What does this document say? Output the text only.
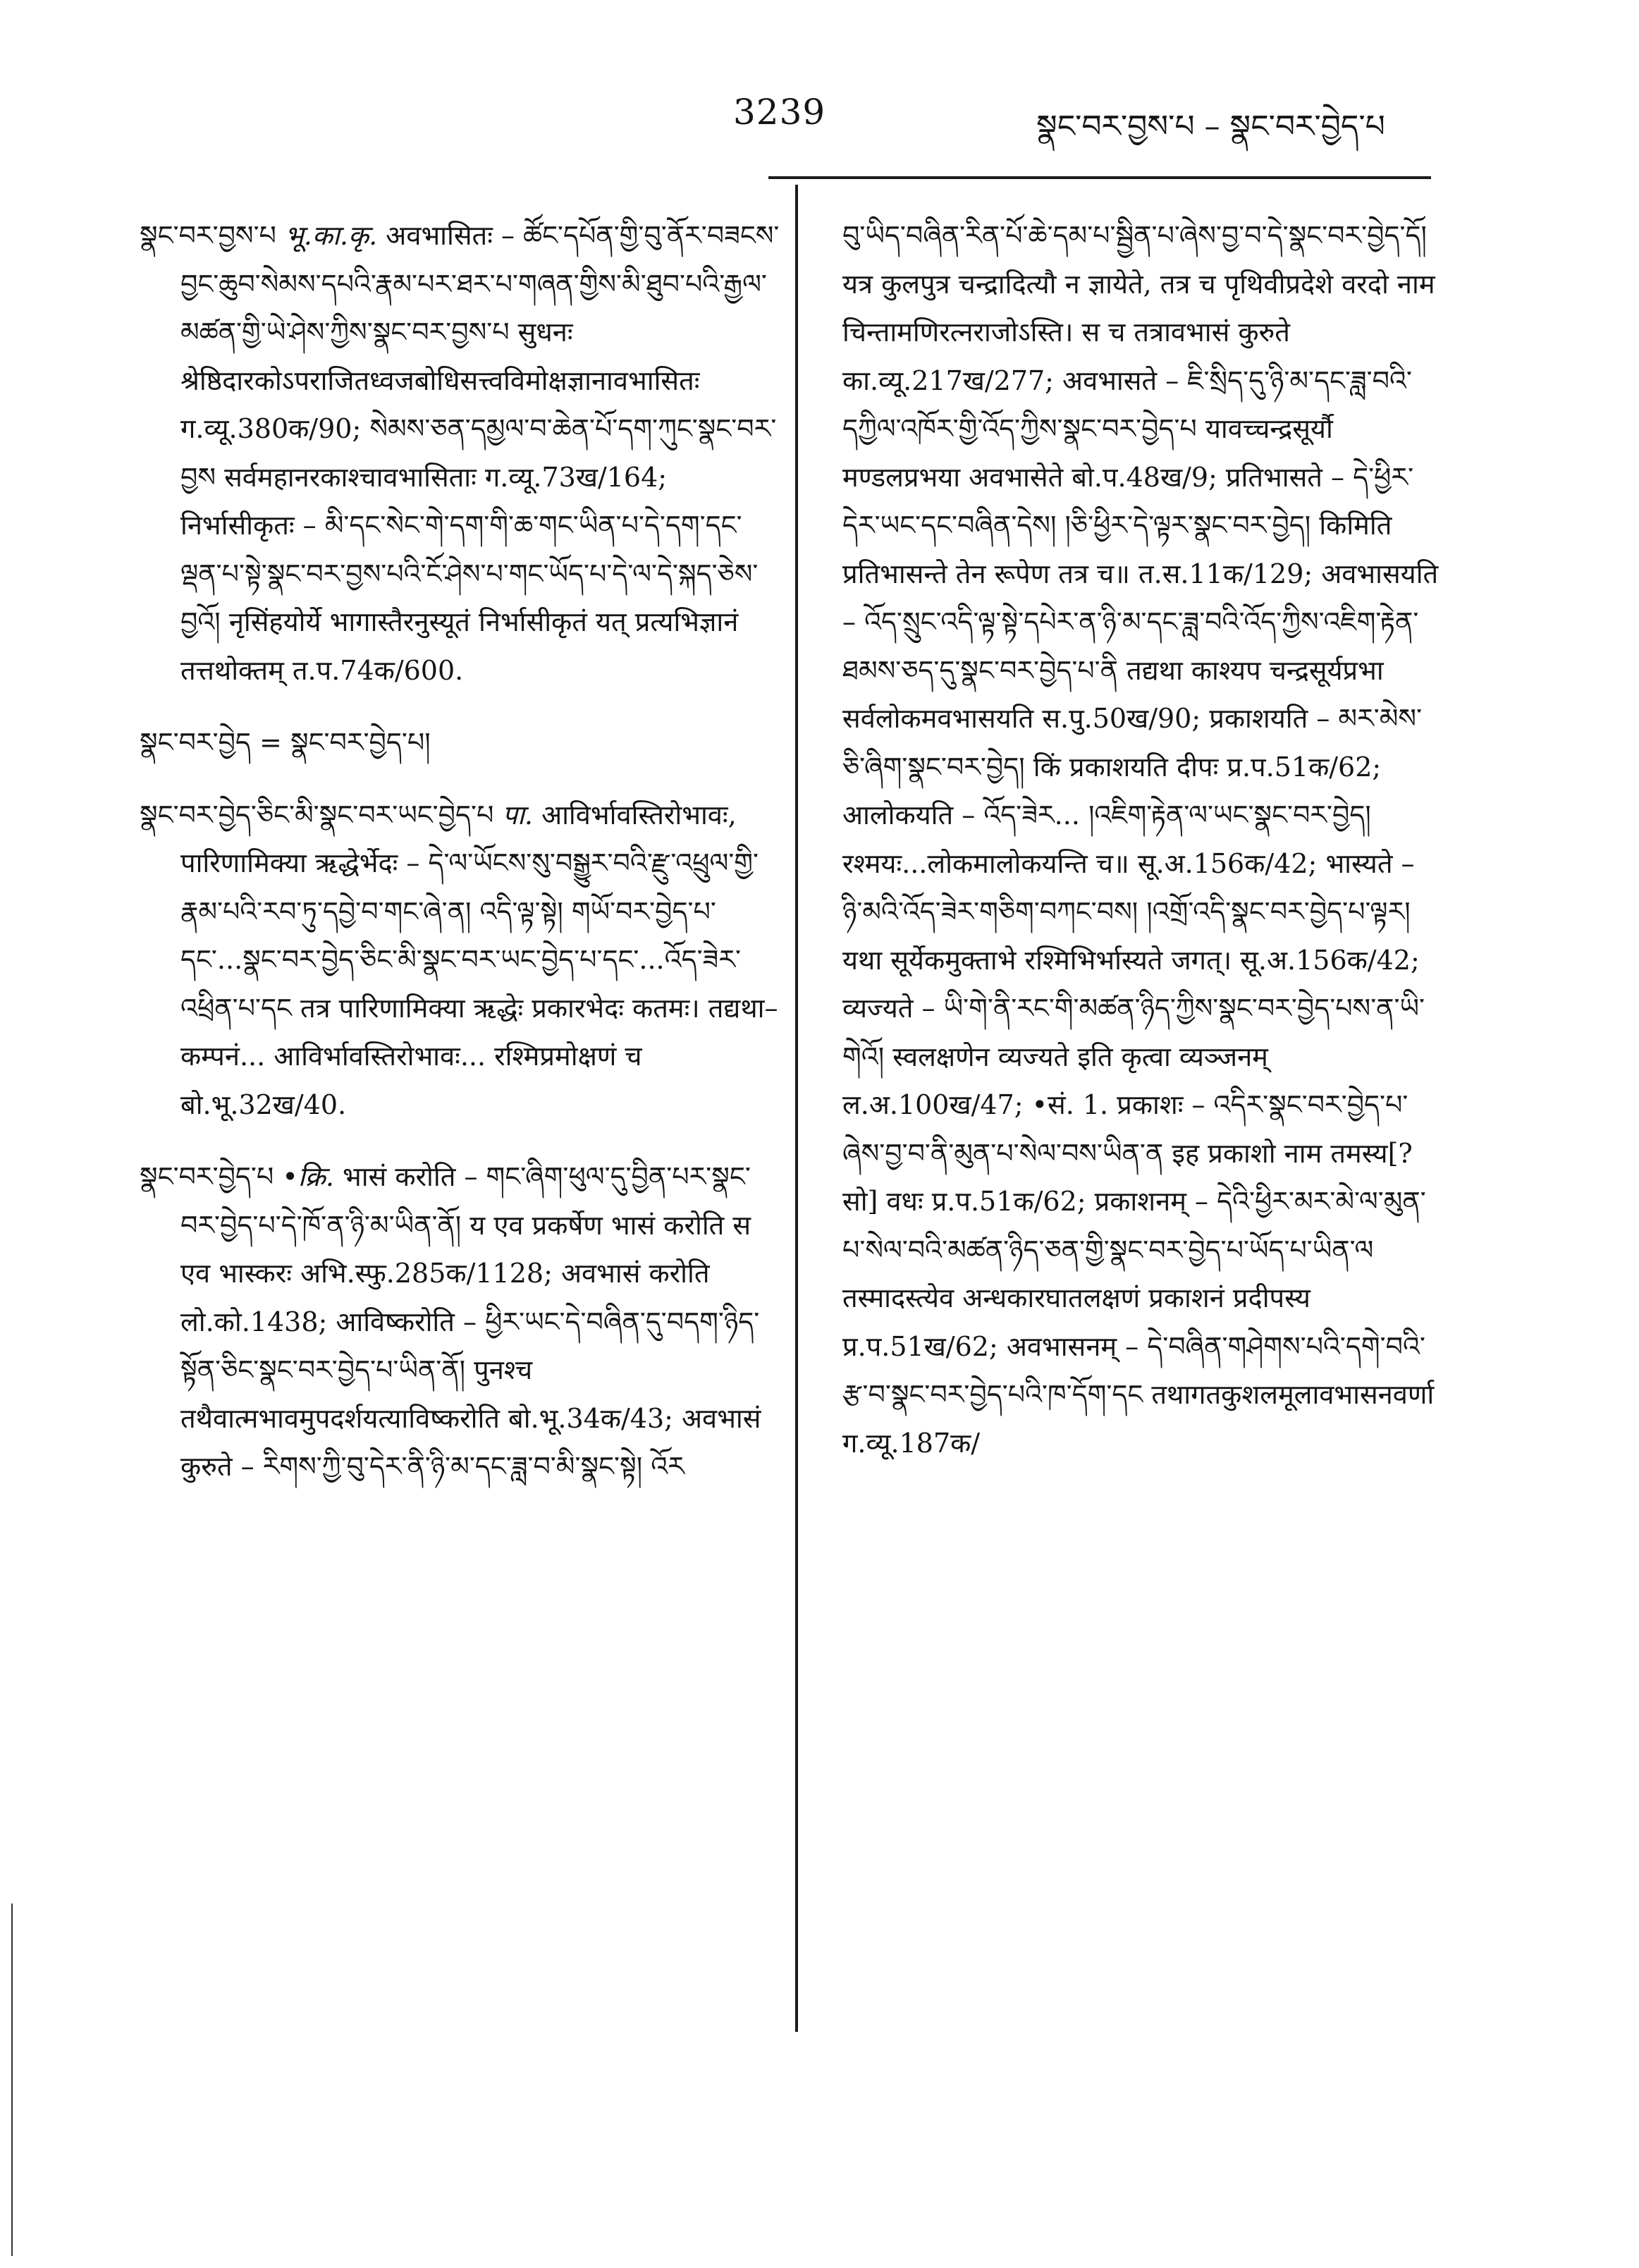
3239	སྣང་བར་བྱས་པ – སྣང་བར་བྱེད་པ

སྣང་བར་བྱས་པ भू.का.कृ. अवभासितः – ཚོང་དཔོན་གྱི་བུ་ནོར་བཟངས་བྱང་ཆུབ་སེམས་དཔའི་རྣམ་པར་ཐར་པ་གཞན་གྱིས་མི་ཐུབ་པའི་རྒྱལ་མཚན་གྱི་ཡེ་ཤེས་ཀྱིས་སྣང་བར་བྱས་པ सुधनः श्रेष्ठिदारकोऽपराजितध्वजबोधिसत्त्वविमोक्षज्ञानावभासितः ग.व्यू.380क/90; སེམས་ཅན་དམྱལ་བ་ཆེན་པོ་དག་ཀུང་སྣང་བར་བྱས सर्वमहानरकाश्चावभासिताः ग.व्यू.73ख/164; निर्भासीकृतः – མི་དང་སེང་གེ་དག་གི་ཆ་གང་ཡིན་པ་དེ་དག་དང་ལྡན་པ་སྟེ་སྣང་བར་བྱས་པའི་ངོ་ཤེས་པ་གང་ཡོད་པ་དེ་ལ་དེ་སྐད་ཅེས་བྱའོ། नृसिंहयोर्ये भागास्तैरनुस्यूतं निर्भासीकृतं यत् प्रत्यभिज्ञानं तत्तथोक्तम् त.प.74क/600.

སྣང་བར་བྱེད = སྣང་བར་བྱེད་པ།

སྣང་བར་བྱེད་ཅིང་མི་སྣང་བར་ཡང་བྱེད་པ पा. आविर्भावस्तिरोभावः, पारिणामिक्या ऋद्धेर्भेदः – དེ་ལ་ཡོངས་སུ་བསྒྱུར་བའི་རྫུ་འཕྲུལ་གྱི་རྣམ་པའི་རབ་ཏུ་དབྱེ་བ་གང་ཞེ་ན། འདི་ལྟ་སྟེ། གཡོ་བར་བྱེད་པ་དང་...སྣང་བར་བྱེད་ཅིང་མི་སྣང་བར་ཡང་བྱེད་པ་དང་...འོད་ཟེར་འཕྲིན་པ་དང तत्र पारिणामिक्या ऋद्धेः प्रकारभेदः कतमः। तद्यथा–कम्पनं... आविर्भावस्तिरोभावः... रश्मिप्रमोक्षणं च बो.भू.32ख/40.

སྣང་བར་བྱེད་པ •क्रि. भासं करोति – གང་ཞིག་ཕུལ་དུ་བྱིན་པར་སྣང་བར་བྱེད་པ་དེ་ཁོ་ན་ཉི་མ་ཡིན་ནོ། य एव प्रकर्षेण भासं करोति स एव भास्करः अभि.स्फु.285क/1128; अवभासं करोति लो.को.1438; आविष्करोति – ཕྱིར་ཡང་དེ་བཞིན་དུ་བདག་ཉིད་སྟོན་ཅིང་སྣང་བར་བྱེད་པ་ཡིན་ནོ། पुनश्च तथैवात्मभावमुपदर्शयत्याविष्करोति बो.भू.34क/43; अवभासं कुरुते – རིགས་ཀྱི་བུ་དེར་ནི་ཉི་མ་དང་ཟླ་བ་མི་སྣང་སྟེ། འོར

བུ་ཡིད་བཞིན་རིན་པོ་ཆེ་དམ་པ་སྦྱིན་པ་ཞེས་བྱ་བ་དེ་སྣང་བར་བྱེད་དོ། यत्र कुलपुत्र चन्द्रादित्यौ न ज्ञायेते, तत्र च पृथिवीप्रदेशे वरदो नाम चिन्तामणिरत्नराजोऽस्ति। स च तत्रावभासं कुरुते का.व्यू.217ख/277; अवभासते – ཇི་སྲིད་དུ་ཉི་མ་དང་ཟླ་བའི་དཀྱིལ་འཁོར་གྱི་འོད་ཀྱིས་སྣང་བར་བྱེད་པ यावच्चन्द्रसूर्यौ मण्डलप्रभया अवभासेते बो.प.48ख/9; प्रतिभासते – དེ་ཕྱིར་དེར་ཡང་དང་བཞིན་དེས། །ཅི་ཕྱིར་དེ་ལྟར་སྣང་བར་བྱེད། किमिति प्रतिभासन्ते तेन रूपेण तत्र च॥ त.स.11क/129; अवभासयति – འོད་སྲུང་འདི་ལྟ་སྟེ་དཔེར་ན་ཉི་མ་དང་ཟླ་བའི་འོད་ཀྱིས་འཇིག་རྟེན་ཐམས་ཅད་དུ་སྣང་བར་བྱེད་པ་ནི तद्यथा काश्यप चन्द्रसूर्यप्रभा सर्वलोकमवभासयति स.पु.50ख/90; प्रकाशयति – མར་མེས་ཅི་ཞིག་སྣང་བར་བྱེད། किं प्रकाशयति दीपः प्र.प.51क/62; आलोकयति – འོད་ཟེར... །འཇིག་རྟེན་ལ་ཡང་སྣང་བར་བྱེད། रश्मयः...लोकमालोकयन्ति च॥ सू.अ.156क/42; भास्यते – ཉི་མའི་འོད་ཟེར་གཅིག་བཀང་བས། །འགྲོ་འདི་སྣང་བར་བྱེད་པ་ལྟར། यथा सूर्येकमुक्ताभे रश्मिभिर्भास्यते जगत्। सू.अ.156क/42; व्यज्यते – ཡི་གེ་ནི་རང་གི་མཚན་ཉིད་ཀྱིས་སྣང་བར་བྱེད་པས་ན་ཡི་གེའོ། स्वलक्षणेन व्यज्यते इति कृत्वा व्यञ्जनम् ल.अ.100ख/47; •सं. 1. प्रकाशः – འདིར་སྣང་བར་བྱེད་པ་ཞེས་བྱ་བ་ནི་མུན་པ་སེལ་བས་ཡིན་ན इह प्रकाशो नाम तमस्य[? सो] वधः प्र.प.51क/62; प्रकाशनम् – དེའི་ཕྱིར་མར་མེ་ལ་མུན་པ་སེལ་བའི་མཚན་ཉིད་ཅན་གྱི་སྣང་བར་བྱེད་པ་ཡོད་པ་ཡིན་ལ तस्मादस्त्येव अन्धकारघातलक्षणं प्रकाशनं प्रदीपस्य प्र.प.51ख/62; अवभासनम् – དེ་བཞིན་གཤེགས་པའི་དགེ་བའི་རྩ་བ་སྣང་བར་བྱེད་པའི་ཁ་དོག་དང तथागतकुशलमूलावभासनवर्णा ग.व्यू.187क/
